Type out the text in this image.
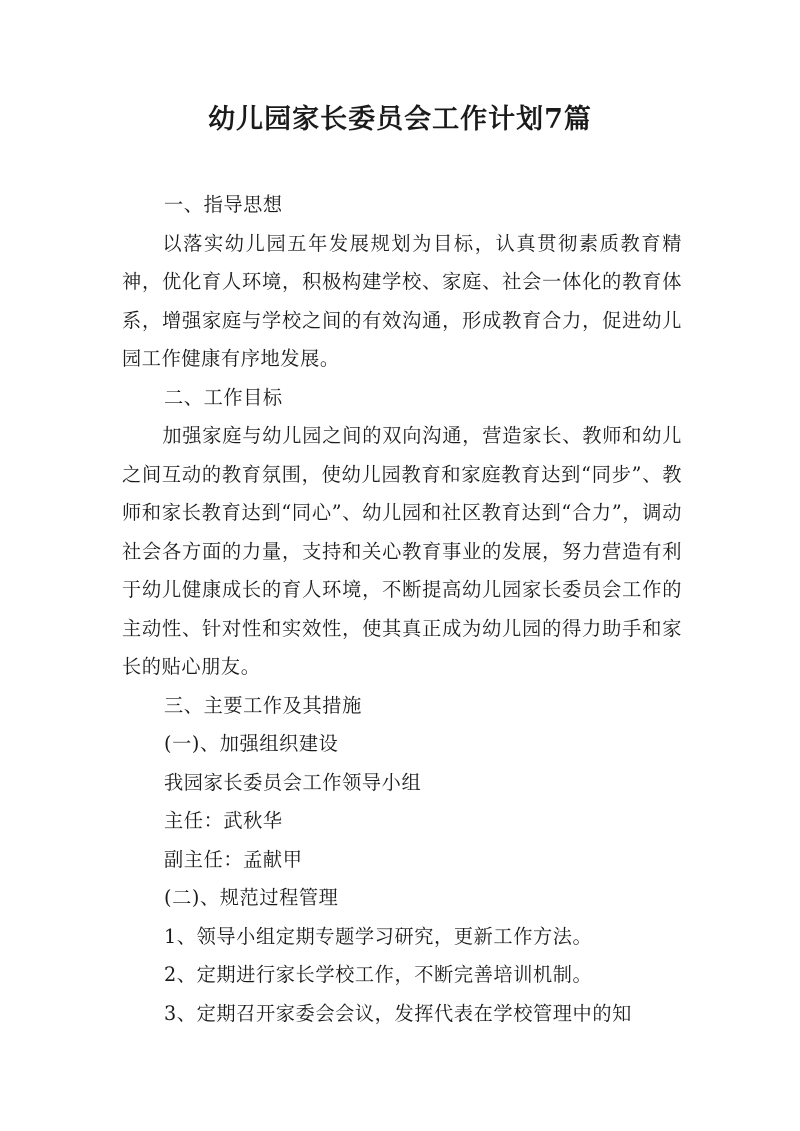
幼儿园家长委员会工作计划7篇

一、指导思想

以落实幼儿园五年发展规划为目标，认真贯彻素质教育精神，优化育人环境，积极构建学校、家庭、社会一体化的教育体系，增强家庭与学校之间的有效沟通，形成教育合力，促进幼儿园工作健康有序地发展。

二、工作目标

加强家庭与幼儿园之间的双向沟通，营造家长、教师和幼儿之间互动的教育氛围，使幼儿园教育和家庭教育达到“同步”、教师和家长教育达到“同心”、幼儿园和社区教育达到“合力”，调动社会各方面的力量，支持和关心教育事业的发展，努力营造有利于幼儿健康成长的育人环境，不断提高幼儿园家长委员会工作的主动性、针对性和实效性，使其真正成为幼儿园的得力助手和家长的贴心朋友。

三、主要工作及其措施

(一)、加强组织建设

我园家长委员会工作领导小组

主任：武秋华

副主任：孟献甲

(二)、规范过程管理

1、领导小组定期专题学习研究，更新工作方法。

2、定期进行家长学校工作，不断完善培训机制。

3、定期召开家委会会议，发挥代表在学校管理中的知
